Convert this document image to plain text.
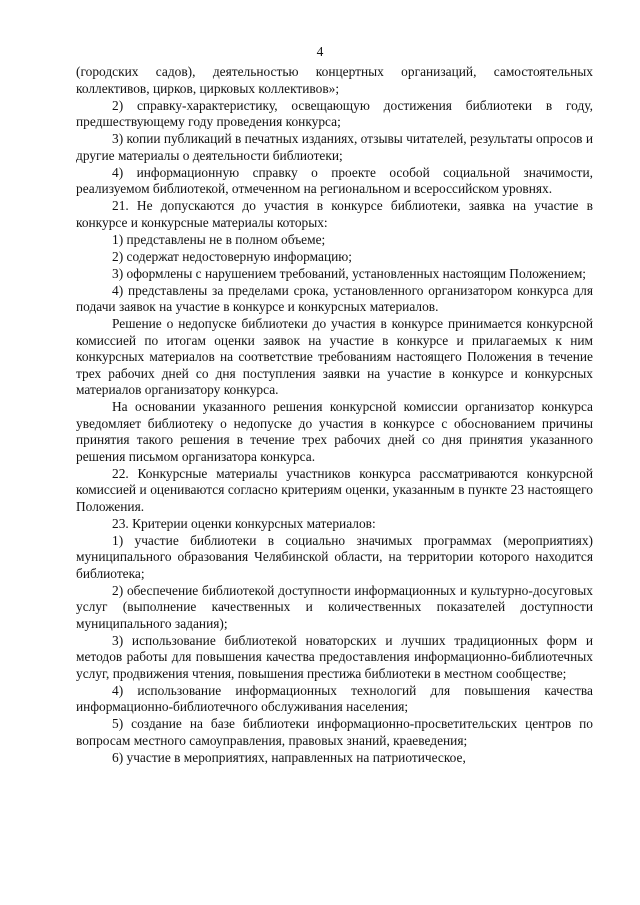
4

(городских садов), деятельностью концертных организаций, самостоятельных коллективов, цирков, цирковых коллективов»;

2) справку-характеристику, освещающую достижения библиотеки в году, предшествующему году проведения конкурса;

3) копии публикаций в печатных изданиях, отзывы читателей, результаты опросов и другие материалы о деятельности библиотеки;

4) информационную справку о проекте особой социальной значимости, реализуемом библиотекой, отмеченном на региональном и всероссийском уровнях.

21. Не допускаются до участия в конкурсе библиотеки, заявка на участие в конкурсе и конкурсные материалы которых:

1) представлены не в полном объеме;

2) содержат недостоверную информацию;

3) оформлены с нарушением требований, установленных настоящим Положением;

4) представлены за пределами срока, установленного организатором конкурса для подачи заявок на участие в конкурсе и конкурсных материалов.

Решение о недопуске библиотеки до участия в конкурсе принимается конкурсной комиссией по итогам оценки заявок на участие в конкурсе и прилагаемых к ним конкурсных материалов на соответствие требованиям настоящего Положения в течение трех рабочих дней со дня поступления заявки на участие в конкурсе и конкурсных материалов организатору конкурса.

На основании указанного решения конкурсной комиссии организатор конкурса уведомляет библиотеку о недопуске до участия в конкурсе с обоснованием причины принятия такого решения в течение трех рабочих дней со дня принятия указанного решения письмом организатора конкурса.

22. Конкурсные материалы участников конкурса рассматриваются конкурсной комиссией и оцениваются согласно критериям оценки, указанным в пункте 23 настоящего Положения.

23. Критерии оценки конкурсных материалов:

1) участие библиотеки в социально значимых программах (мероприятиях) муниципального образования Челябинской области, на территории которого находится библиотека;

2) обеспечение библиотекой доступности информационных и культурно-досуговых услуг (выполнение качественных и количественных показателей доступности муниципального задания);

3) использование библиотекой новаторских и лучших традиционных форм и методов работы для повышения качества предоставления информационно-библиотечных услуг, продвижения чтения, повышения престижа библиотеки в местном сообществе;

4) использование информационных технологий для повышения качества информационно-библиотечного обслуживания населения;

5) создание на базе библиотеки информационно-просветительских центров по вопросам местного самоуправления, правовых знаний, краеведения;

6) участие в мероприятиях, направленных на патриотическое,
